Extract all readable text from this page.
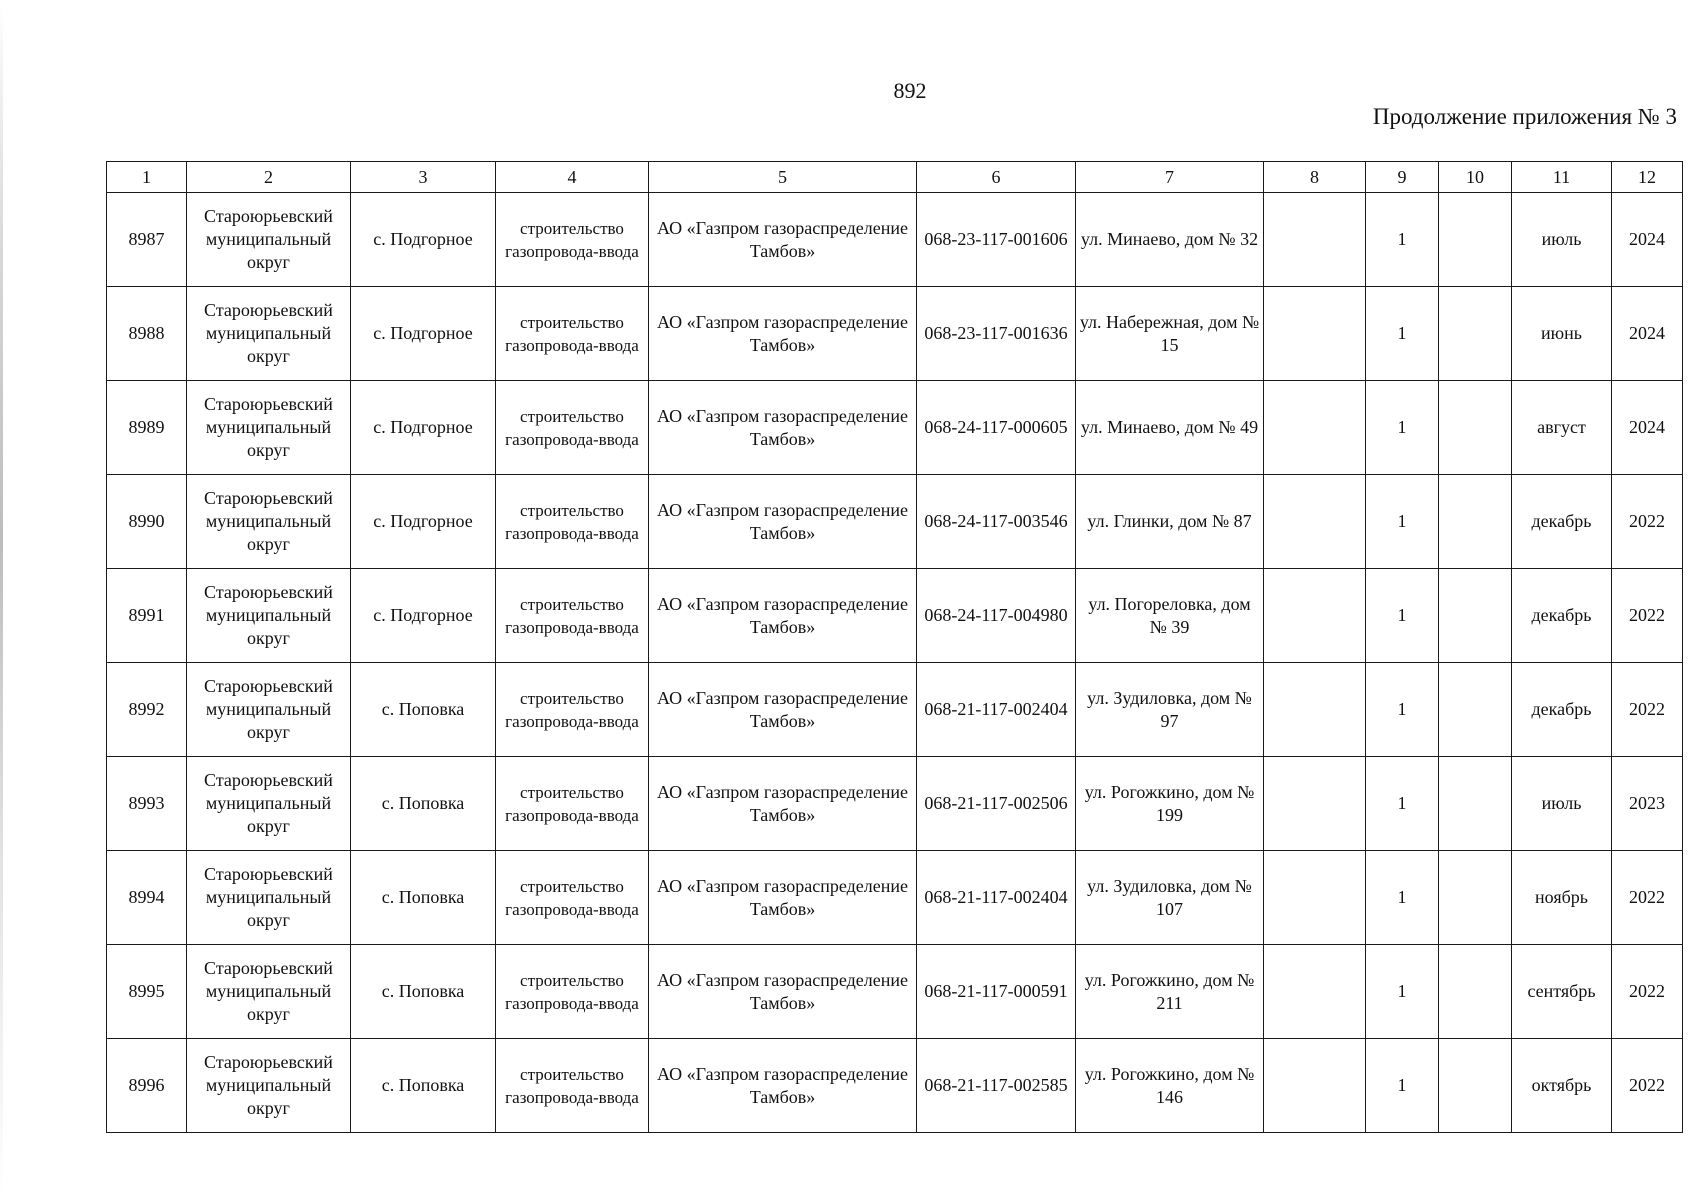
892
Продолжение приложения № 3
1	2	3	4	5	6	7	8	9	10	11	12
8987	Староюрьевский муниципальный округ	с. Подгорное	строительство газопровода-ввода	АО «Газпром газораспределение Тамбов»	068-23-117-001606	ул. Минаево, дом № 32		1		июль	2024
8988	Староюрьевский муниципальный округ	с. Подгорное	строительство газопровода-ввода	АО «Газпром газораспределение Тамбов»	068-23-117-001636	ул. Набережная, дом № 15		1		июнь	2024
8989	Староюрьевский муниципальный округ	с. Подгорное	строительство газопровода-ввода	АО «Газпром газораспределение Тамбов»	068-24-117-000605	ул. Минаево, дом № 49		1		август	2024
8990	Староюрьевский муниципальный округ	с. Подгорное	строительство газопровода-ввода	АО «Газпром газораспределение Тамбов»	068-24-117-003546	ул. Глинки, дом № 87		1		декабрь	2022
8991	Староюрьевский муниципальный округ	с. Подгорное	строительство газопровода-ввода	АО «Газпром газораспределение Тамбов»	068-24-117-004980	ул. Погореловка, дом № 39		1		декабрь	2022
8992	Староюрьевский муниципальный округ	с. Поповка	строительство газопровода-ввода	АО «Газпром газораспределение Тамбов»	068-21-117-002404	ул. Зудиловка, дом № 97		1		декабрь	2022
8993	Староюрьевский муниципальный округ	с. Поповка	строительство газопровода-ввода	АО «Газпром газораспределение Тамбов»	068-21-117-002506	ул. Рогожкино, дом № 199		1		июль	2023
8994	Староюрьевский муниципальный округ	с. Поповка	строительство газопровода-ввода	АО «Газпром газораспределение Тамбов»	068-21-117-002404	ул. Зудиловка, дом № 107		1		ноябрь	2022
8995	Староюрьевский муниципальный округ	с. Поповка	строительство газопровода-ввода	АО «Газпром газораспределение Тамбов»	068-21-117-000591	ул. Рогожкино, дом № 211		1		сентябрь	2022
8996	Староюрьевский муниципальный округ	с. Поповка	строительство газопровода-ввода	АО «Газпром газораспределение Тамбов»	068-21-117-002585	ул. Рогожкино, дом № 146		1		октябрь	2022
